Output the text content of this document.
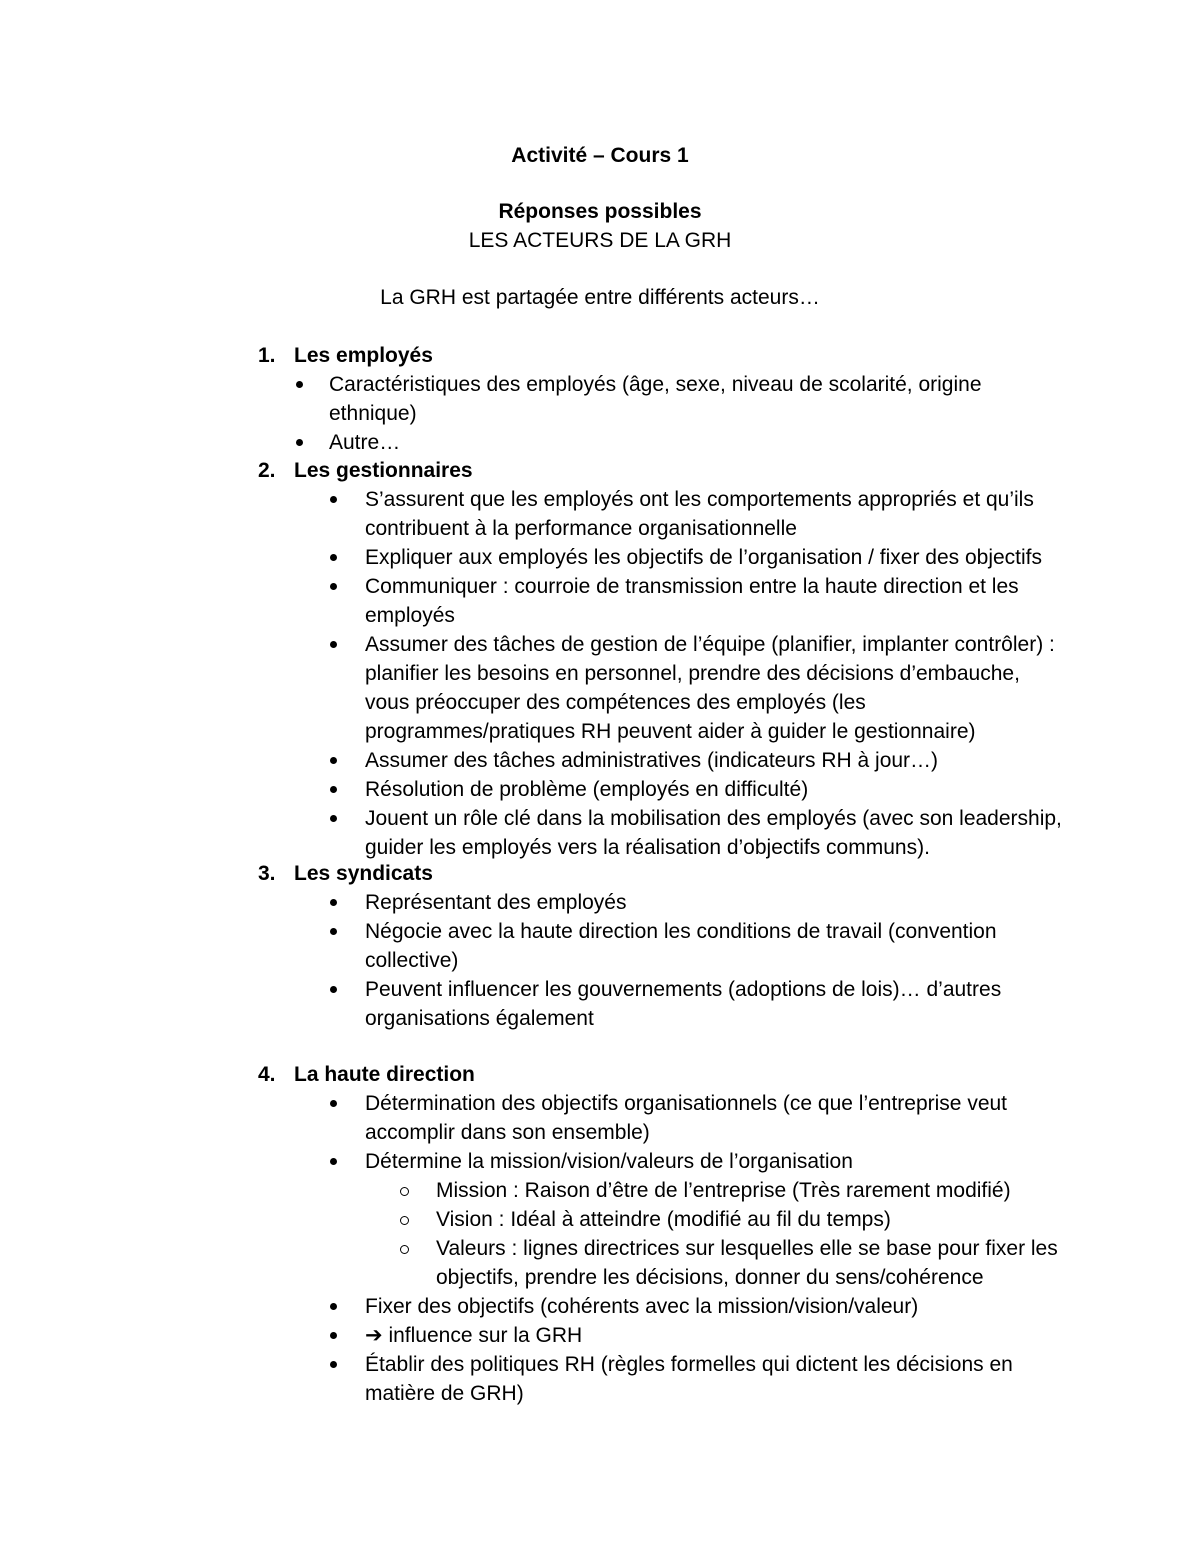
Activité – Cours 1
Réponses possibles
LES ACTEURS DE LA GRH
La GRH est partagée entre différents acteurs…
1. Les employés
Caractéristiques des employés (âge, sexe, niveau de scolarité, origine ethnique)
Autre…
2. Les gestionnaires
S’assurent que les employés ont les comportements appropriés et qu’ils contribuent à la performance organisationnelle
Expliquer aux employés les objectifs de l’organisation / fixer des objectifs
Communiquer : courroie de transmission entre la haute direction et les employés
Assumer des tâches de gestion de l’équipe (planifier, implanter contrôler) : planifier les besoins en personnel, prendre des décisions d’embauche, vous préoccuper des compétences des employés (les programmes/pratiques RH peuvent aider à guider le gestionnaire)
Assumer des tâches administratives (indicateurs RH à jour…)
Résolution de problème (employés en difficulté)
Jouent un rôle clé dans la mobilisation des employés (avec son leadership, guider les employés vers la réalisation d’objectifs communs).
3. Les syndicats
Représentant des employés
Négocie avec la haute direction les conditions de travail (convention collective)
Peuvent influencer les gouvernements (adoptions de lois)… d’autres organisations également
4. La haute direction
Détermination des objectifs organisationnels (ce que l’entreprise veut accomplir dans son ensemble)
Détermine la mission/vision/valeurs de l’organisation
Mission : Raison d’être de l’entreprise (Très rarement modifié)
Vision : Idéal à atteindre (modifié au fil du temps)
Valeurs : lignes directrices sur lesquelles elle se base pour fixer les objectifs, prendre les décisions, donner du sens/cohérence
Fixer des objectifs (cohérents avec la mission/vision/valeur)
➔ influence sur la GRH
Établir des politiques RH (règles formelles qui dictent les décisions en matière de GRH)
